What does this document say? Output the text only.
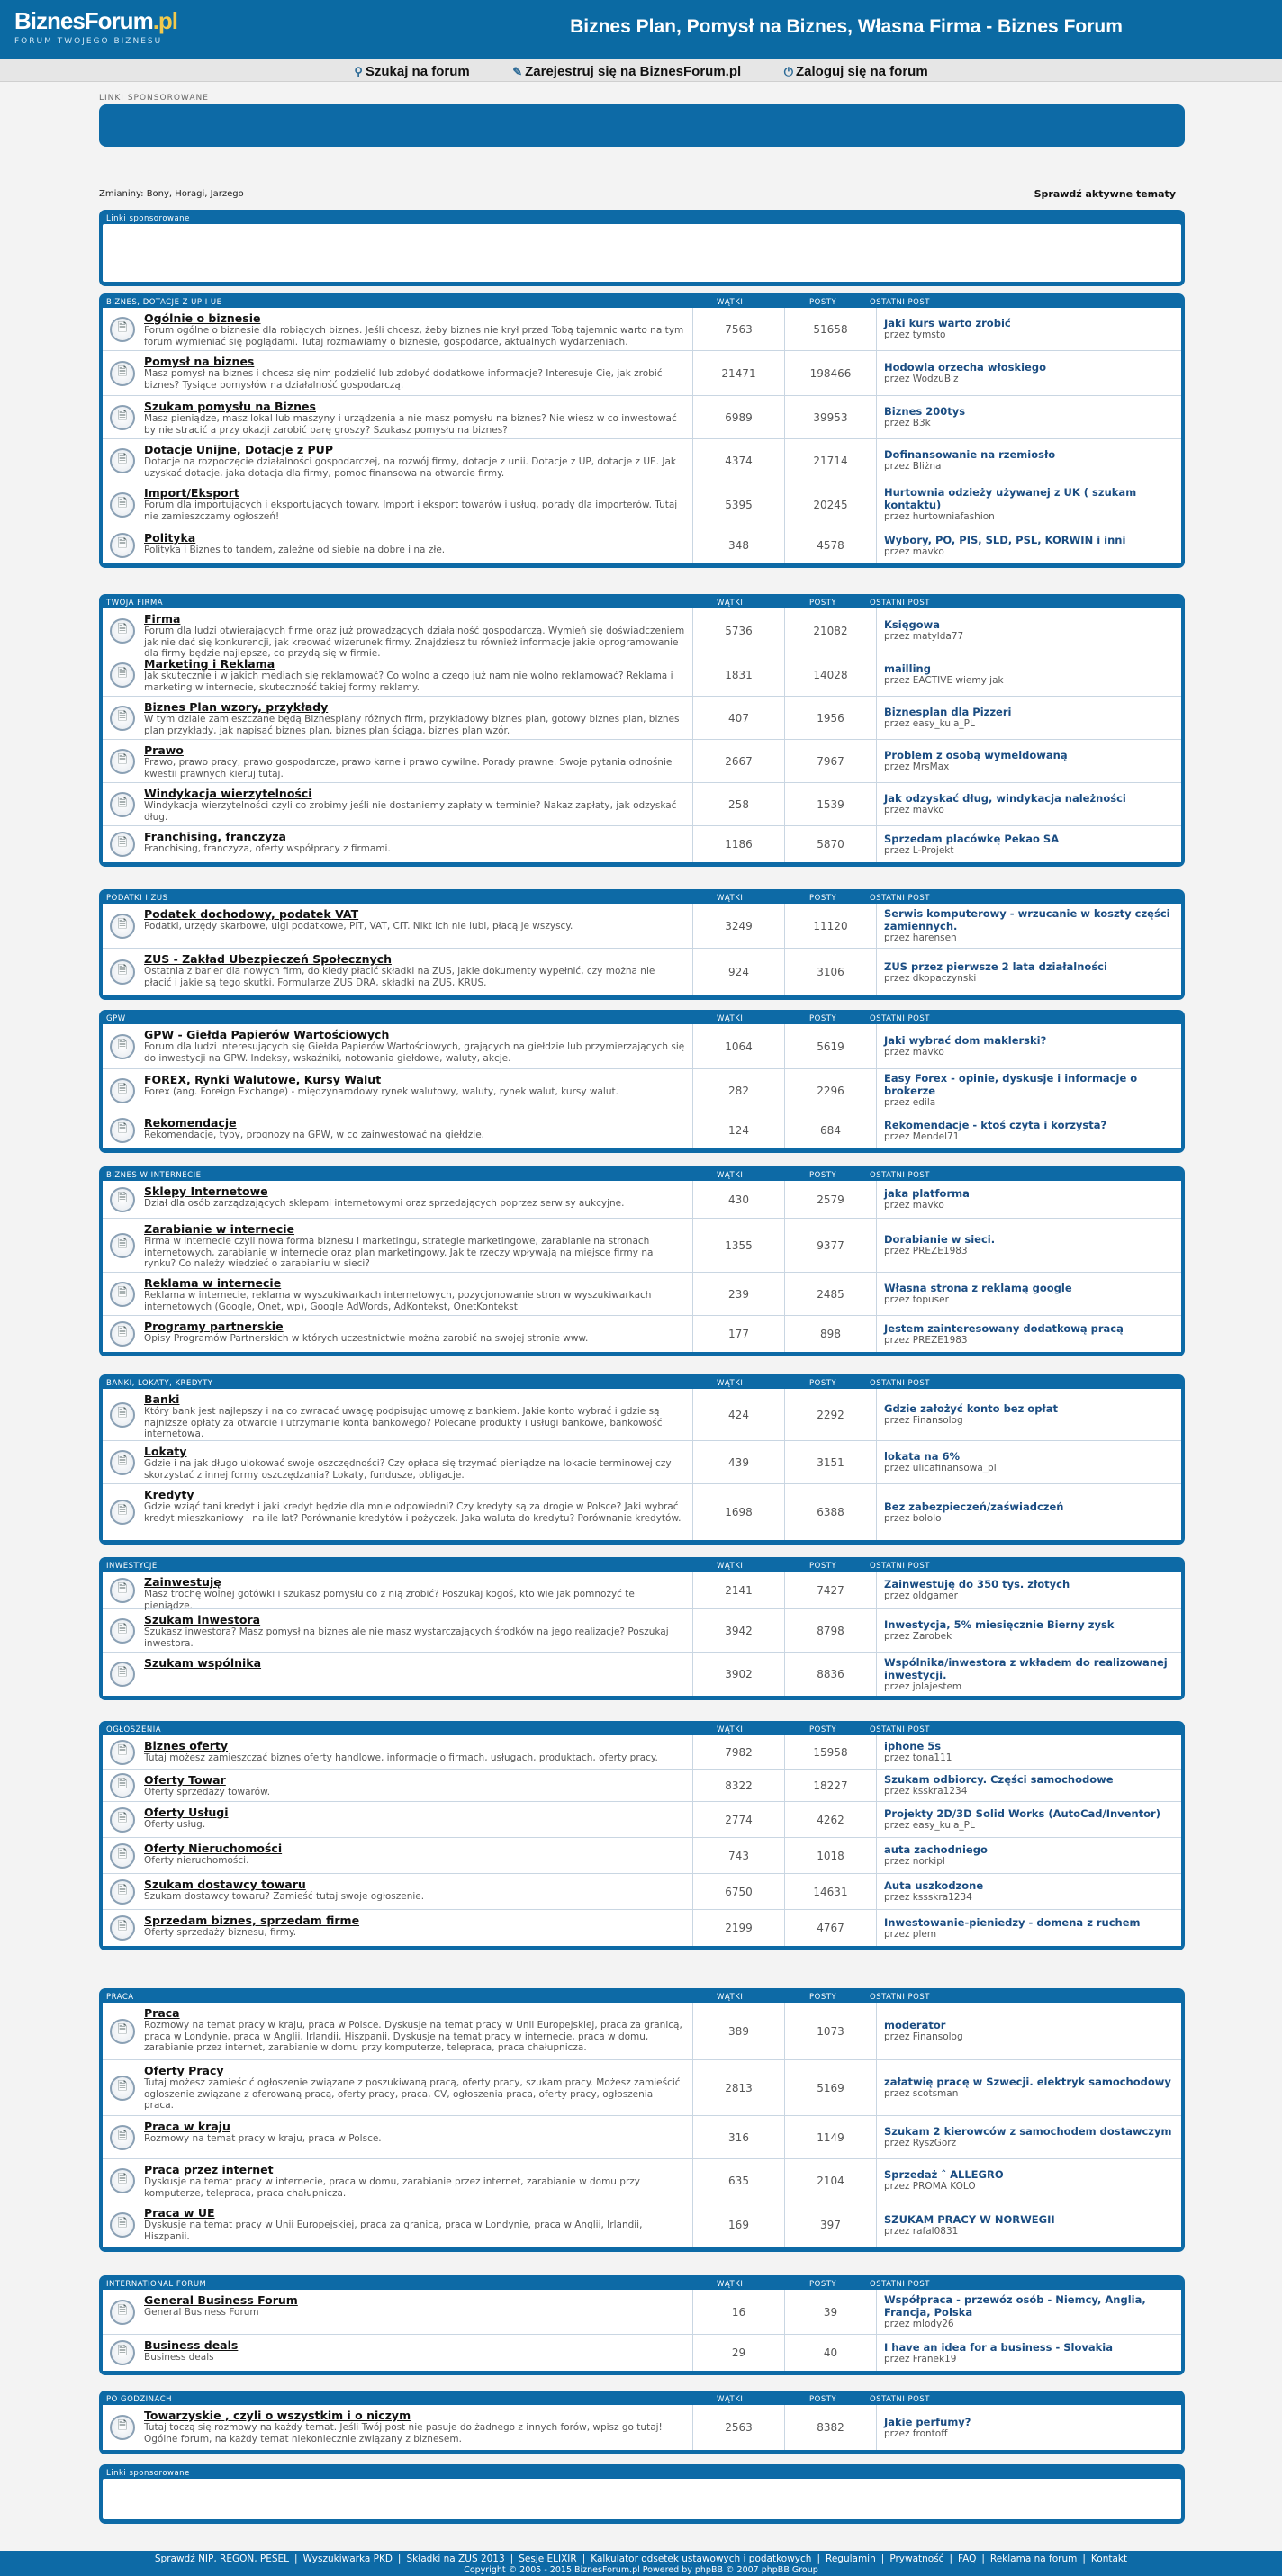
BiznesForum.pl
FORUM TWOJEGO BIZNESU
Biznes Plan, Pomysł na Biznes, Własna Firma - Biznes Forum
⚲ Szukaj na forum	✎ Zarejestruj się na BiznesForum.pl	⏻ Zaloguj się na forum
LINKI SPONSOROWANE
Zmianiny: Bony, Horagi, Jarzego	Sprawdź aktywne tematy
Linki sponsorowane
BIZNES, DOTACJE Z UP I UE	WĄTKI	POSTY	OSTATNI POST
🗎
Ogólnie o biznesie
Forum ogólne o biznesie dla robiących biznes. Jeśli chcesz, żeby biznes nie krył przed Tobą tajemnic warto na tym forum wymieniać się poglądami. Tutaj rozmawiamy o biznesie, gospodarce, aktualnych wydarzeniach.
7563	51658	Jaki kurs warto zrobić
przez tymsto
🗎
Pomysł na biznes
Masz pomysł na biznes i chcesz się nim podzielić lub zdobyć dodatkowe informacje? Interesuje Cię, jak zrobić biznes? Tysiące pomysłów na działalność gospodarczą.
21471	198466	Hodowla orzecha włoskiego
przez WodzuBiz
🗎
Szukam pomysłu na Biznes
Masz pieniądze, masz lokal lub maszyny i urządzenia a nie masz pomysłu na biznes? Nie wiesz w co inwestować by nie stracić a przy okazji zarobić parę groszy? Szukasz pomysłu na biznes?
6989	39953	Biznes 200tys
przez B3k
🗎
Dotacje Unijne, Dotacje z PUP
Dotacje na rozpoczęcie działalności gospodarczej, na rozwój firmy, dotacje z unii. Dotacje z UP, dotacje z UE. Jak uzyskać dotacje, jaka dotacja dla firmy, pomoc finansowa na otwarcie firmy.
4374	21714	Dofinansowanie na rzemiosło
przez Bliżna
🗎
Import/Eksport
Forum dla importujących i eksportujących towary. Import i eksport towarów i usług, porady dla importerów. Tutaj nie zamieszczamy ogłoszeń!
5395	20245
Hurtownia odzieży używanej z UK ( szukam kontaktu)
przez hurtowniafashion
🗎	Polityka
Polityka i Biznes to tandem, zależne od siebie na dobre i na złe.	348	4578	Wybory, PO, PIS, SLD, PSL, KORWIN i inni
przez mavko
TWOJA FIRMA	WĄTKI	POSTY	OSTATNI POST
🗎
Firma
Forum dla ludzi otwierających firmę oraz już prowadzących działalność gospodarczą. Wymień się doświadczeniem jak nie dać się konkurencji, jak kreować wizerunek firmy. Znajdziesz tu również informacje jakie oprogramowanie dla firmy będzie najlepsze, co przydą się w firmie.
5736	21082	Księgowa
przez matylda77
🗎
Marketing i Reklama
Jak skutecznie i w jakich mediach się reklamować? Co wolno a czego już nam nie wolno reklamować? Reklama i marketing w internecie, skuteczność takiej formy reklamy.
1831	14028	mailling
przez EACTIVE wiemy jak
🗎
Biznes Plan wzory, przykłady
W tym dziale zamieszczane będą Biznesplany różnych firm, przykładowy biznes plan, gotowy biznes plan, biznes plan przykłady, jak napisać biznes plan, biznes plan ściąga, biznes plan wzór.
407	1956	Biznesplan dla Pizzeri
przez easy_kula_PL
🗎
Prawo
Prawo, prawo pracy, prawo gospodarcze, prawo karne i prawo cywilne. Porady prawne. Swoje pytania odnośnie kwestii prawnych kieruj tutaj.
2667	7967	Problem z osobą wymeldowaną
przez MrsMax
🗎
Windykacja wierzytelności
Windykacja wierzytelności czyli co zrobimy jeśli nie dostaniemy zapłaty w terminie? Nakaz zapłaty, jak odzyskać dług.
258	1539	Jak odzyskać dług, windykacja należności
przez mavko
🗎	Franchising, franczyza
Franchising, franczyza, oferty współpracy z firmami.	1186	5870	Sprzedam placówkę Pekao SA
przez L-Projekt
PODATKI I ZUS	WĄTKI	POSTY	OSTATNI POST
🗎
Podatek dochodowy, podatek VAT
Podatki, urzędy skarbowe, ulgi podatkowe, PIT, VAT, CIT. Nikt ich nie lubi, płacą je wszyscy.	3249	11120
Serwis komputerowy - wrzucanie w koszty części zamiennych.
przez harensen
🗎
ZUS - Zakład Ubezpieczeń Społecznych
Ostatnia z barier dla nowych firm, do kiedy płacić składki na ZUS, jakie dokumenty wypełnić, czy można nie płacić i jakie są tego skutki. Formularze ZUS DRA, składki na ZUS, KRUS.
924	3106	ZUS przez pierwsze 2 lata działalności
przez dkopaczynski
GPW	WĄTKI	POSTY	OSTATNI POST
🗎
GPW - Giełda Papierów Wartościowych
Forum dla ludzi interesujących się Giełda Papierów Wartościowych, grających na giełdzie lub przymierzających się do inwestycji na GPW. Indeksy, wskaźniki, notowania giełdowe, waluty, akcje.
1064	5619	Jaki wybrać dom maklerski?
przez mavko
🗎
FOREX, Rynki Walutowe, Kursy Walut
Forex (ang. Foreign Exchange) - międzynarodowy rynek walutowy, waluty, rynek walut, kursy walut.	282	2296
Easy Forex - opinie, dyskusje i informacje o brokerze
przez edila
🗎	Rekomendacje
Rekomendacje, typy, prognozy na GPW, w co zainwestować na giełdzie.	124	684	Rekomendacje - ktoś czyta i korzysta?
przez Mendel71
BIZNES W INTERNECIE	WĄTKI	POSTY	OSTATNI POST
🗎	Sklepy Internetowe
Dział dla osób zarządzających sklepami internetowymi oraz sprzedających poprzez serwisy aukcyjne.	430	2579	jaka platforma
przez mavko
🗎
Zarabianie w internecie
Firma w internecie czyli nowa forma biznesu i marketingu, strategie marketingowe, zarabianie na stronach internetowych, zarabianie w internecie oraz plan marketingowy. Jak te rzeczy wpływają na miejsce firmy na rynku? Co należy wiedzieć o zarabianiu w sieci?
1355	9377	Dorabianie w sieci.
przez PREZE1983
🗎
Reklama w internecie
Reklama w internecie, reklama w wyszukiwarkach internetowych, pozycjonowanie stron w wyszukiwarkach internetowych (Google, Onet, wp), Google AdWords, AdKontekst, OnetKontekst
239	2485	Własna strona z reklamą google
przez topuser
🗎	Programy partnerskie
Opisy Programów Partnerskich w których uczestnictwie można zarobić na swojej stronie www.	177	898	Jestem zainteresowany dodatkową pracą
przez PREZE1983
BANKI, LOKATY, KREDYTY	WĄTKI	POSTY	OSTATNI POST
🗎
Banki
Który bank jest najlepszy i na co zwracać uwagę podpisując umowę z bankiem. Jakie konto wybrać i gdzie są najniższe opłaty za otwarcie i utrzymanie konta bankowego? Polecane produkty i usługi bankowe, bankowość internetowa.
424	2292	Gdzie założyć konto bez opłat
przez Finansolog
🗎
Lokaty
Gdzie i na jak długo ulokować swoje oszczędności? Czy opłaca się trzymać pieniądze na lokacie terminowej czy skorzystać z innej formy oszczędzania? Lokaty, fundusze, obligacje.
439	3151	lokata na 6%
przez ulicafinansowa_pl
🗎
Kredyty
Gdzie wziąć tani kredyt i jaki kredyt będzie dla mnie odpowiedni? Czy kredyty są za drogie w Polsce? Jaki wybrać kredyt mieszkaniowy i na ile lat? Porównanie kredytów i pożyczek. Jaka waluta do kredytu? Porównanie kredytów.	1698	6388	Bez zabezpieczeń/zaświadczeń
przez bololo
INWESTYCJE	WĄTKI	POSTY	OSTATNI POST
🗎	Zainwestuję
Masz trochę wolnej gotówki i szukasz pomysłu co z nią zrobić? Poszukaj kogoś, kto wie jak pomnożyć te pieniądze.
2141	7427	Zainwestuję do 350 tys. złotych
przez oldgamer
🗎
Szukam inwestora
Szukasz inwestora? Masz pomysł na biznes ale nie masz wystarczających środków na jego realizacje? Poszukaj inwestora.
3942	8798	Inwestycja, 5% miesięcznie Bierny zysk
przez Zarobek
🗎
Szukam wspólnika
3902	8836
Wspólnika/inwestora z wkładem do realizowanej inwestycji.
przez jolajestem
OGŁOSZENIA	WĄTKI	POSTY	OSTATNI POST
🗎	Biznes oferty
Tutaj możesz zamieszczać biznes oferty handlowe, informacje o firmach, usługach, produktach, oferty pracy.	7982	15958	iphone 5s
przez tona111
🗎	Oferty Towar
Oferty sprzedaży towarów.
8322	18227	Szukam odbiorcy. Części samochodowe
przez ksskra1234
🗎	Oferty Usługi
Oferty usług.	2774	4262	Projekty 2D/3D Solid Works (AutoCad/Inventor)
przez easy_kula_PL
🗎	Oferty Nieruchomości
Oferty nieruchomości.	743	1018	auta zachodniego
przez norkipl
🗎	Szukam dostawcy towaru
Szukam dostawcy towaru? Zamieść tutaj swoje ogłoszenie.	6750	14631	Auta uszkodzone
przez kssskra1234
🗎	Sprzedam biznes, sprzedam firme
Oferty sprzedaży biznesu, firmy.	2199	4767	Inwestowanie-pieniedzy - domena z ruchem
przez plem
PRACA	WĄTKI	POSTY	OSTATNI POST
🗎
Praca
Rozmowy na temat pracy w kraju, praca w Polsce. Dyskusje na temat pracy w Unii Europejskiej, praca za granicą, praca w Londynie, praca w Anglii, Irlandii, Hiszpanii. Dyskusje na temat pracy w internecie, praca w domu, zarabianie przez internet, zarabianie w domu przy komputerze, telepraca, praca chałupnicza.
389	1073	moderator
przez Finansolog
🗎
Oferty Pracy
Tutaj możesz zamieścić ogłoszenie związane z poszukiwaną pracą, oferty pracy, szukam pracy. Możesz zamieścić ogłoszenie związane z oferowaną pracą, oferty pracy, praca, CV, ogłoszenia praca, oferty pracy, ogłoszenia praca.
2813	5169	załatwię pracę w Szwecji. elektryk samochodowy
przez scotsman
🗎
Praca w kraju
Rozmowy na temat pracy w kraju, praca w Polsce.	316	1149	Szukam 2 kierowców z samochodem dostawczym
przez RyszGorz
🗎
Praca przez internet
Dyskusje na temat pracy w internecie, praca w domu, zarabianie przez internet, zarabianie w domu przy komputerze, telepraca, praca chałupnicza.
635	2104	Sprzedaż ˆ ALLEGRO
przez PROMA KOLO
🗎
Praca w UE
Dyskusje na temat pracy w Unii Europejskiej, praca za granicą, praca w Londynie, praca w Anglii, Irlandii, Hiszpanii.
169	397	SZUKAM PRACY W NORWEGII
przez rafal0831
INTERNATIONAL FORUM	WĄTKI	POSTY	OSTATNI POST
🗎
General Business Forum
General Business Forum	16	39
Współpraca - przewóz osób - Niemcy, Anglia, Francja, Polska
przez mlody26
🗎	Business deals
Business deals	29	40	I have an idea for a business - Slovakia
przez Franek19
PO GODZINACH	WĄTKI	POSTY	OSTATNI POST
🗎
Towarzyskie , czyli o wszystkim i o niczym
Tutaj toczą się rozmowy na każdy temat. Jeśli Twój post nie pasuje do żadnego z innych forów, wpisz go tutaj! Ogólne forum, na każdy temat niekoniecznie związany z biznesem.
2563	8382	Jakie perfumy?
przez frontoff
Linki sponsorowane
Sprawdź NIP, REGON, PESEL | Wyszukiwarka PKD | Składki na ZUS 2013 | Sesje ELIXIR | Kalkulator odsetek ustawowych i podatkowych | Regulamin | Prywatność | FAQ | Reklama na forum | Kontakt
Copyright © 2005 - 2015 BiznesForum.pl Powered by phpBB © 2007 phpBB Group
